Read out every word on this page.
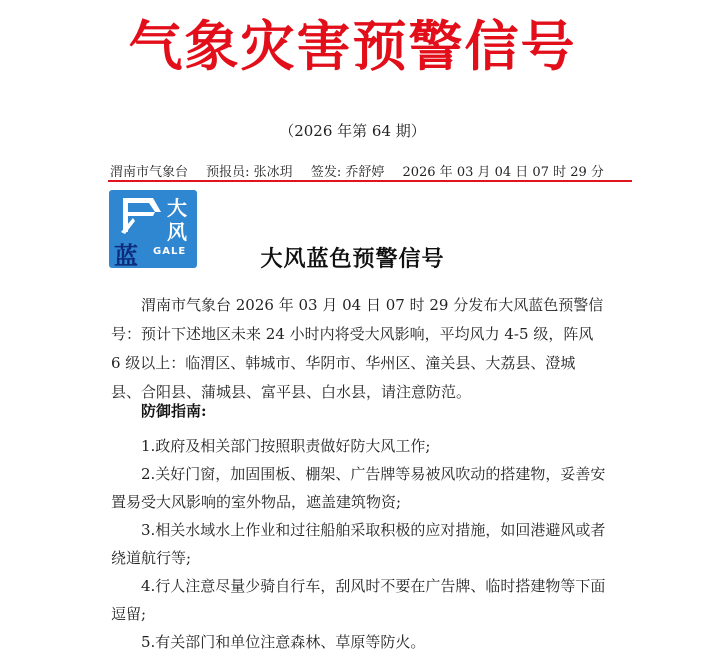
气象灾害预警信号
（2026 年第 64 期）
渭南市气象台 预报员: 张冰玥 签发: 乔舒婷 2026 年 03 月 04 日 07 时 29 分
大
风
蓝 GALE	大风蓝色预警信号

渭南市气象台 2026 年 03 月 04 日 07 时 29 分发布大风蓝色预警信号：预计下述地区未来 24 小时内将受大风影响，平均风力 4-5 级，阵风 6 级以上：临渭区、韩城市、华阴市、华州区、潼关县、大荔县、澄城县、合阳县、蒲城县、富平县、白水县，请注意防范。

防御指南:

1.政府及相关部门按照职责做好防大风工作;

2.关好门窗，加固围板、棚架、广告牌等易被风吹动的搭建物，妥善安置易受大风影响的室外物品，遮盖建筑物资;

3.相关水域水上作业和过往船舶采取积极的应对措施，如回港避风或者绕道航行等;

4.行人注意尽量少骑自行车，刮风时不要在广告牌、临时搭建物等下面逗留;

5.有关部门和单位注意森林、草原等防火。
